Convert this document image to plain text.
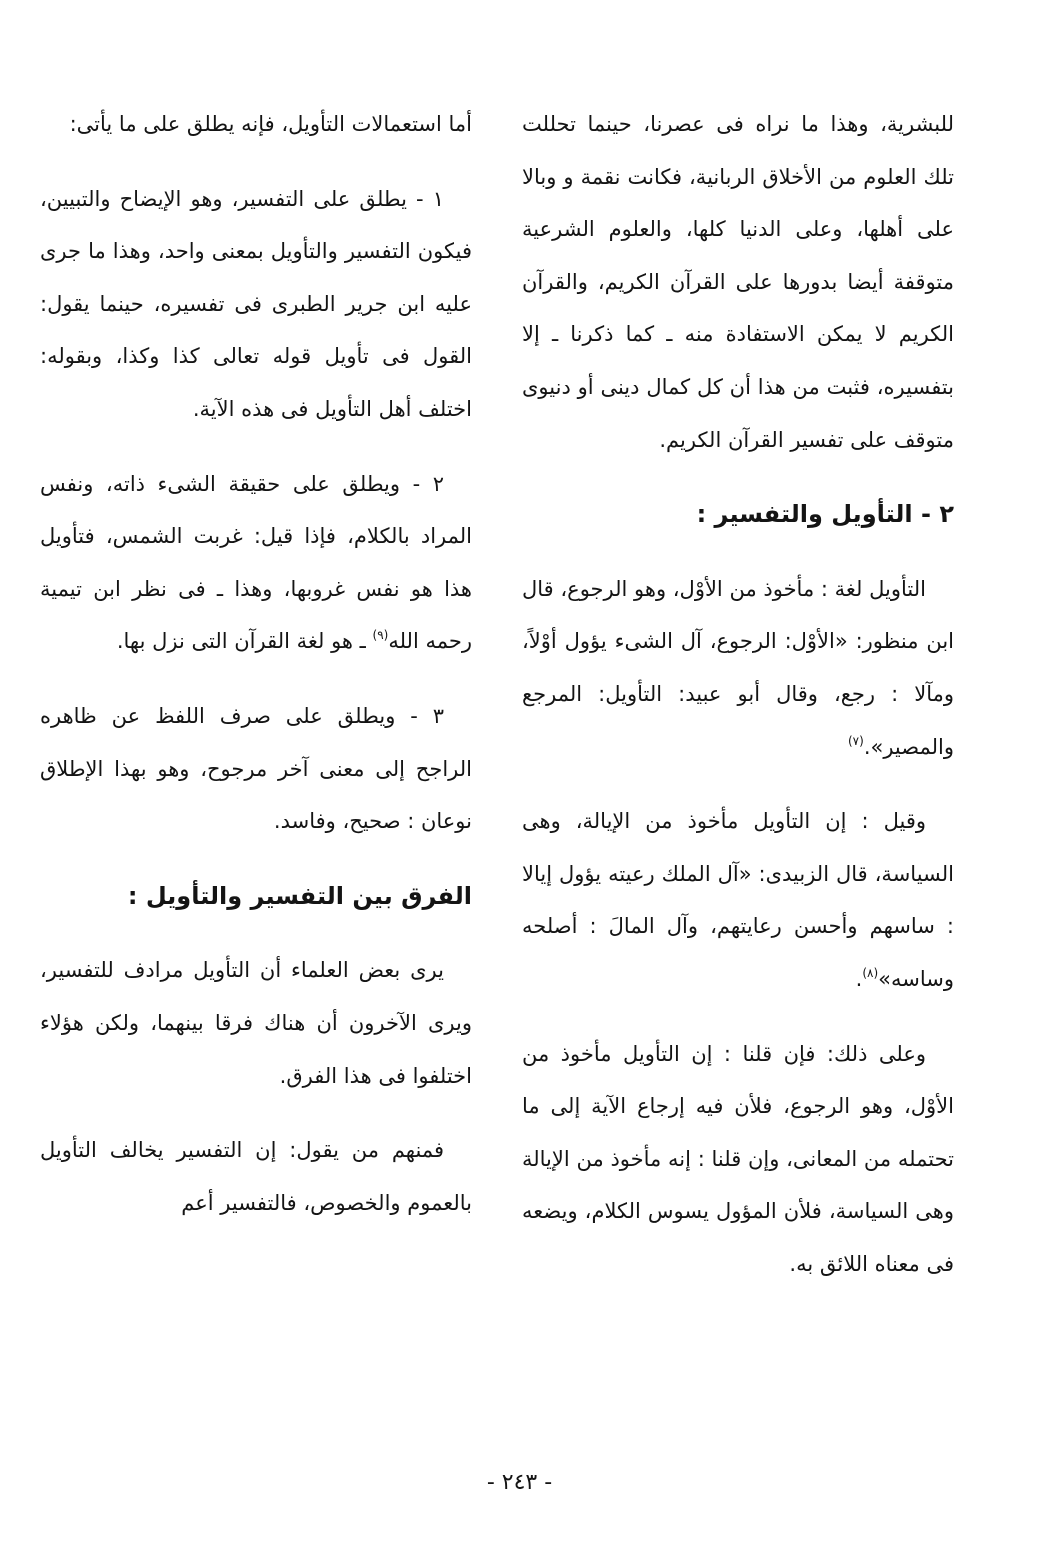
للبشرية، وهذا ما نراه فى عصرنا، حينما تحللت تلك العلوم من الأخلاق الربانية، فكانت نقمة و وبالا على أهلها، وعلى الدنيا كلها، والعلوم الشرعية متوقفة أيضا بدورها على القرآن الكريم، والقرآن الكريم لا يمكن الاستفادة منه ـ كما ذكرنا ـ إلا بتفسيره، فثبت من هذا أن كل كمال دينى أو دنيوى متوقف على تفسير القرآن الكريم.

٢ - التأويل والتفسير :

التأويل لغة : مأخوذ من الأوْل، وهو الرجوع، قال ابن منظور: «الأوْل: الرجوع، آل الشىء يؤول أوْلاً، ومآلا : رجع، وقال أبو عبيد: التأويل: المرجع والمصير».$^{(٧)}$

وقيل : إن التأويل مأخوذ من الإيالة، وهى السياسة، قال الزبيدى: «آل الملك رعيته يؤول إيالا : ساسهم وأحسن رعايتهم، وآل المالَ : أصلحه وساسه»$^{(٨)}$.

وعلى ذلك: فإن قلنا : إن التأويل مأخوذ من الأوْل، وهو الرجوع، فلأن فيه إرجاع الآية إلى ما تحتمله من المعانى، وإن قلنا : إنه مأخوذ من الإيالة وهى السياسة، فلأن المؤول يسوس الكلام، ويضعه فى معناه اللائق به.

أما استعمالات التأويل، فإنه يطلق على ما يأتى:

١ - يطلق على التفسير، وهو الإيضاح والتبيين، فيكون التفسير والتأويل بمعنى واحد، وهذا ما جرى عليه ابن جرير الطبرى فى تفسيره، حينما يقول: القول فى تأويل قوله تعالى كذا وكذا، وبقوله: اختلف أهل التأويل فى هذه الآية.

٢ - ويطلق على حقيقة الشىء ذاته، ونفس المراد بالكلام، فإذا قيل: غربت الشمس، فتأويل هذا هو نفس غروبها، وهذا ـ فى نظر ابن تيمية رحمه الله$^{(٩)}$ ـ هو لغة القرآن التى نزل بها.

٣ - ويطلق على صرف اللفظ عن ظاهره الراجح إلى معنى آخر مرجوح، وهو بهذا الإطلاق نوعان : صحيح، وفاسد.

الفرق بين التفسير والتأويل :

يرى بعض العلماء أن التأويل مرادف للتفسير، ويرى الآخرون أن هناك فرقا بينهما، ولكن هؤلاء اختلفوا فى هذا الفرق.

فمنهم من يقول: إن التفسير يخالف التأويل بالعموم والخصوص، فالتفسير أعم

- ٢٤٣ -
